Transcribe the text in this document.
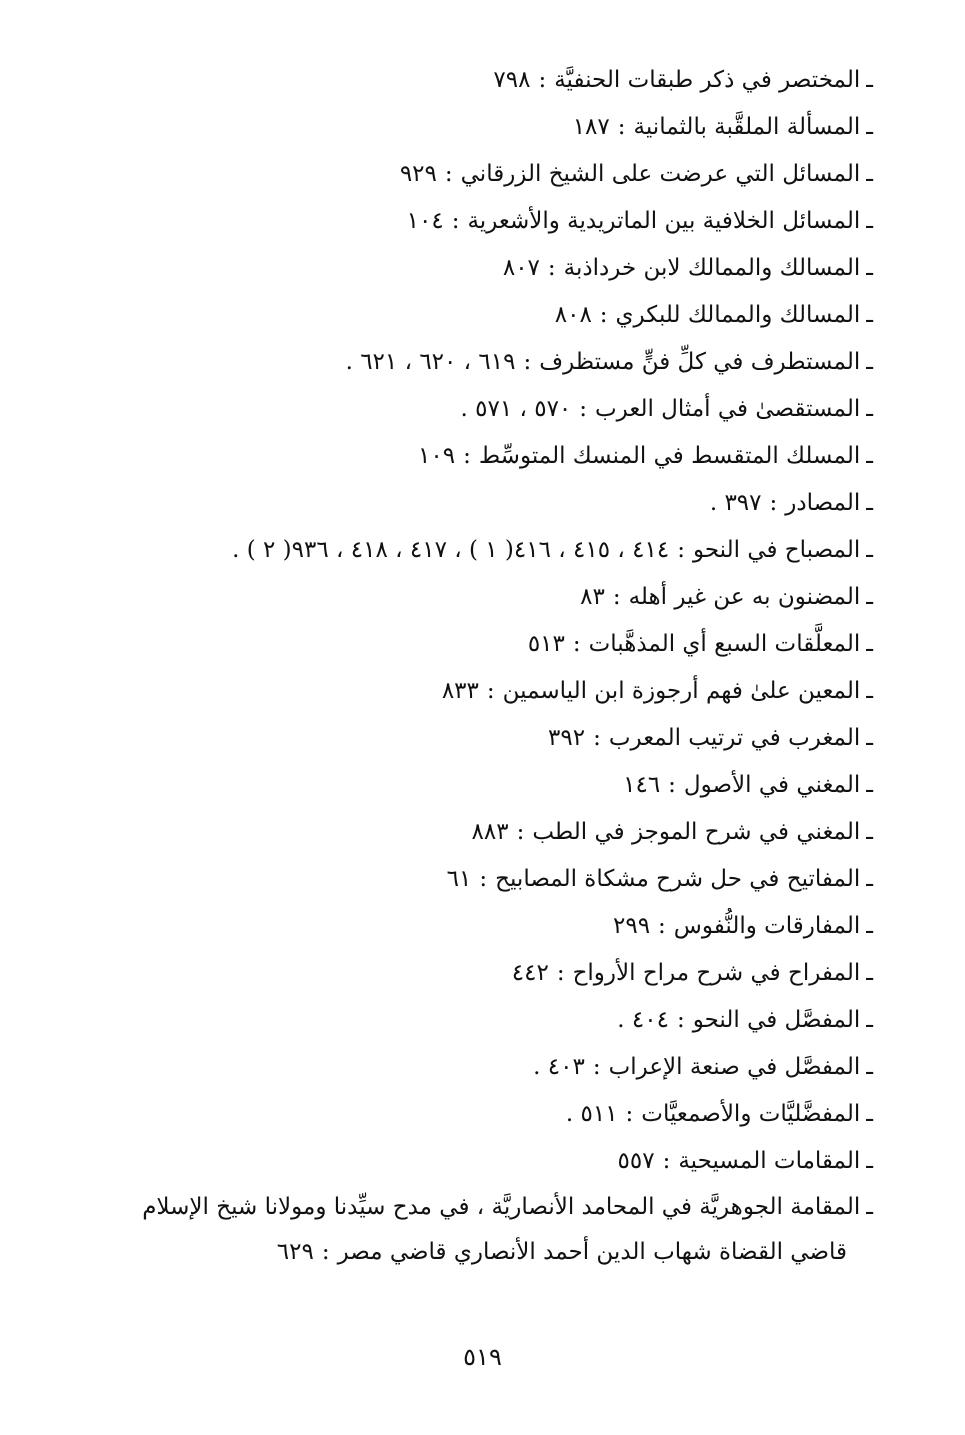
ـالمختصر في ذكر طبقات الحنفيَّة:٧٩٨
ـالمسألة الملقَّبة بالثمانية:١٨٧
ـالمسائل التي عرضت على الشيخ الزرقاني:٩٢٩
ـالمسائل الخلافية بين الماتريدية والأشعرية:١٠٤
ـالمسالك والممالك لابن خرداذبة:٨٠٧
ـالمسالك والممالك للبكري:٨٠٨
ـالمستطرف في كلِّ فنٍّ مستظرف:٦١٩ ، ٦٢٠ ، ٦٢١ .
ـالمستقصىٰ في أمثال العرب:٥٧٠ ، ٥٧١ .
ـالمسلك المتقسط في المنسك المتوسِّط:١٠٩
ـالمصادر:٣٩٧ .
ـالمصباح في النحو:٤١٤ ، ٤١٥ ، ٤١٦( ١ ) ، ٤١٧ ، ٤١٨ ، ٩٣٦( ٢ ) .
ـالمضنون به عن غير أهله:٨٣
ـالمعلَّقات السبع أي المذهَّبات:٥١٣
ـالمعين علىٰ فهم أرجوزة ابن الياسمين:٨٣٣
ـالمغرب في ترتيب المعرب:٣٩٢
ـالمغني في الأصول:١٤٦
ـالمغني في شرح الموجز في الطب:٨٨٣
ـالمفاتيح في حل شرح مشكاة المصابيح:٦١
ـالمفارقات والنُّفوس:٢٩٩
ـالمفراح في شرح مراح الأرواح:٤٤٢
ـالمفصَّل في النحو:٤٠٤ .
ـالمفصَّل في صنعة الإعراب:٤٠٣ .
ـالمفضَّليَّات والأصمعيَّات:٥١١ .
ـالمقامات المسيحية:٥٥٧
ـالمقامة الجوهريَّة في المحامد الأنصاريَّة ، في مدح سيِّدنا ومولانا شيخ الإسلام
قاضي القضاة شهاب الدين أحمد الأنصاري قاضي مصر:٦٢٩
٥١٩
